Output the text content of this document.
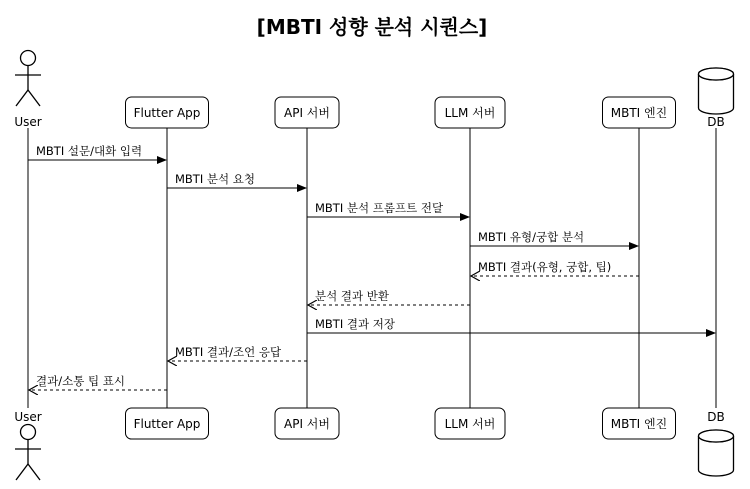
[MBTI 성향 분석 시퀀스]
User
Flutter App	API 서버	LLM 서버	MBTI 엔진
DB
User	Flutter App	API 서버	LLM 서버	MBTI 엔진	DB
MBTI 설문/대화 입력
MBTI 분석 요청
MBTI 분석 프롬프트 전달
MBTI 유형/궁합 분석
MBTI 결과(유형, 궁합, 팁)
분석 결과 반환
MBTI 결과 저장
MBTI 결과/조언 응답
결과/소통 팁 표시
